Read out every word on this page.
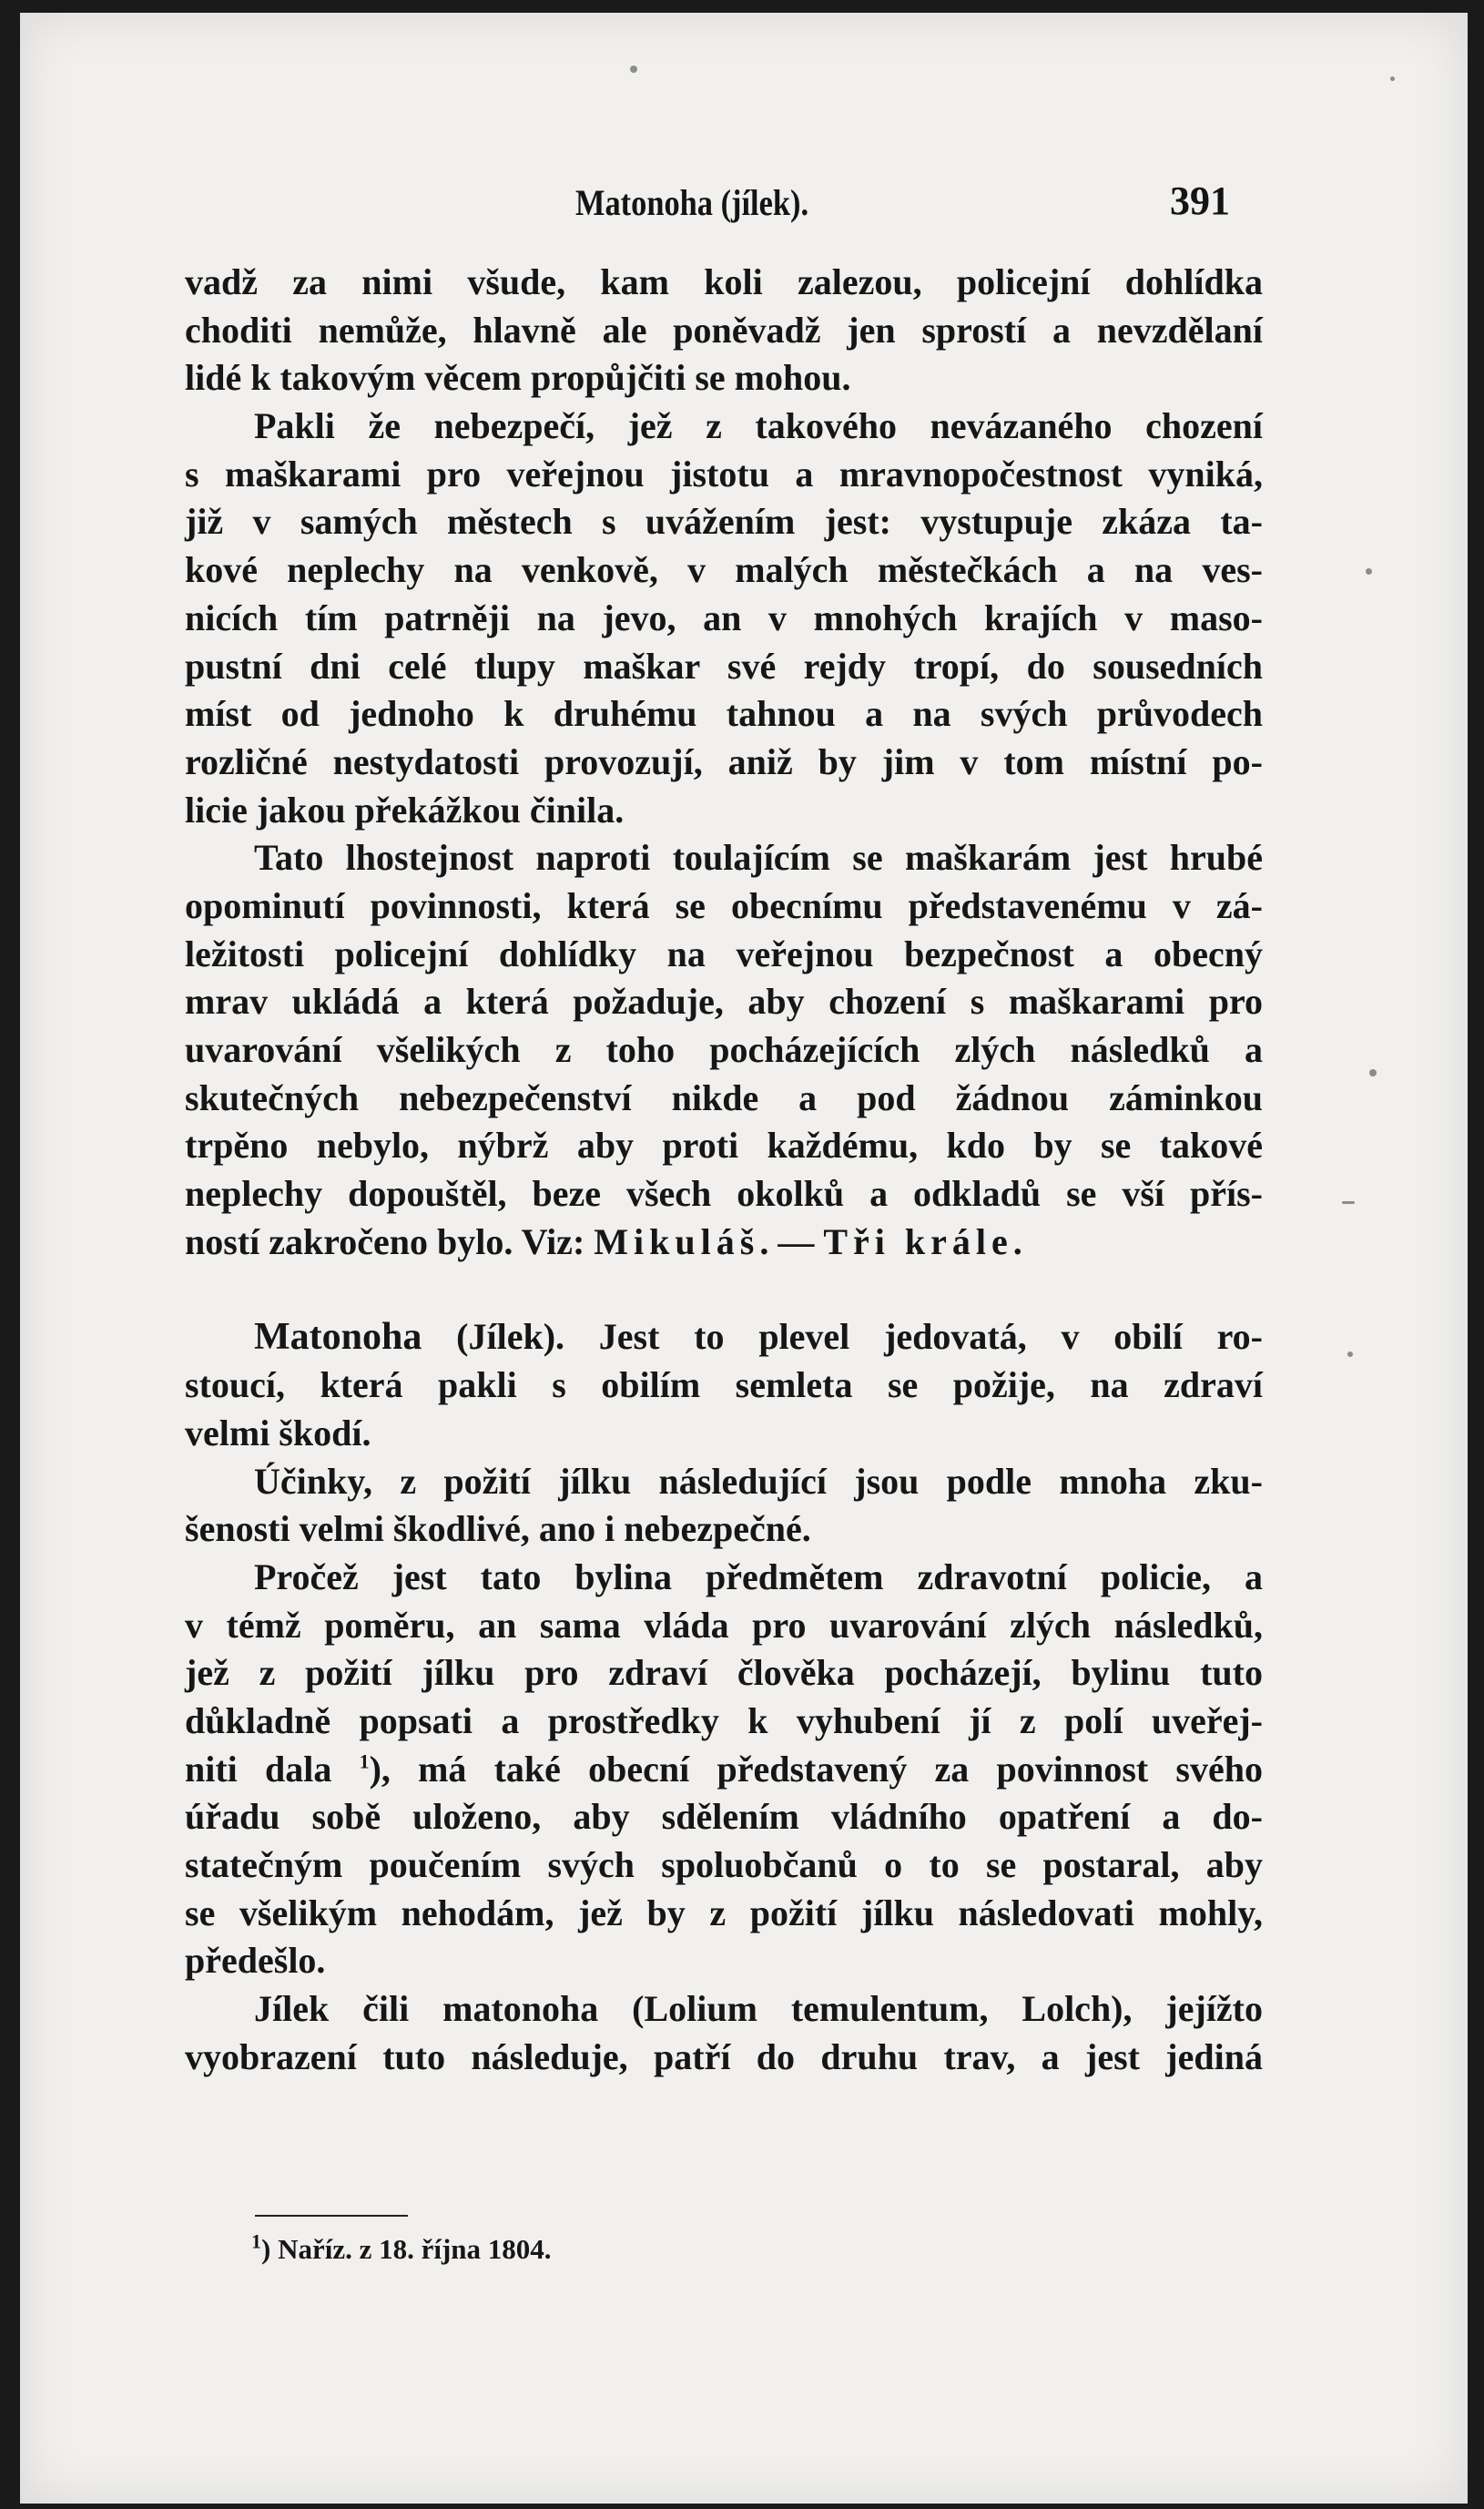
Matonoha (jílek).	391
vadž za nimi všude, kam koli zalezou, policejní dohlídka
choditi nemůže, hlavně ale poněvadž jen sprostí a nevzdělaní
lidé k takovým věcem propůjčiti se mohou.
Pakli že nebezpečí, jež z takového nevázaného chození
s maškarami pro veřejnou jistotu a mravnopočestnost vyniká,
již v samých městech s uvážením jest: vystupuje zkáza ta-
kové neplechy na venkově, v malých městečkách a na ves-
nicích tím patrněji na jevo, an v mnohých krajích v maso-
pustní dni celé tlupy maškar své rejdy tropí, do sousedních
míst od jednoho k druhému tahnou a na svých průvodech
rozličné nestydatosti provozují, aniž by jim v tom místní po-
licie jakou překážkou činila.
Tato lhostejnost naproti toulajícím se maškarám jest hrubé
opominutí povinnosti, která se obecnímu představenému v zá-
ležitosti policejní dohlídky na veřejnou bezpečnost a obecný
mrav ukládá a která požaduje, aby chození s maškarami pro
uvarování všelikých z toho pocházejících zlých následků a
skutečných nebezpečenství nikde a pod žádnou záminkou
trpěno nebylo, nýbrž aby proti každému, kdo by se takové
neplechy dopouštěl, beze všech okolků a odkladů se vší přís-
ností zakročeno bylo. Viz: Mikuláš. — Tři krále.
Matonoha (Jílek). Jest to plevel jedovatá, v obilí ro-
stoucí, která pakli s obilím semleta se požije, na zdraví
velmi škodí.
Účinky, z požití jílku následující jsou podle mnoha zku-
šenosti velmi škodlivé, ano i nebezpečné.
Pročež jest tato bylina předmětem zdravotní policie, a
v témž poměru, an sama vláda pro uvarování zlých následků,
jež z požití jílku pro zdraví člověka pocházejí, bylinu tuto
důkladně popsati a prostředky k vyhubení jí z polí uveřej-
niti dala $^1$), má také obecní představený za povinnost svého
úřadu sobě uloženo, aby sdělením vládního opatření a do-
statečným poučením svých spoluobčanů o to se postaral, aby
se všelikým nehodám, jež by z požití jílku následovati mohly,
předešlo.
Jílek čili matonoha (Lolium temulentum, Lolch), jejížto
vyobrazení tuto následuje, patří do druhu trav, a jest jediná
$^1$) Naříz. z 18. října 1804.
